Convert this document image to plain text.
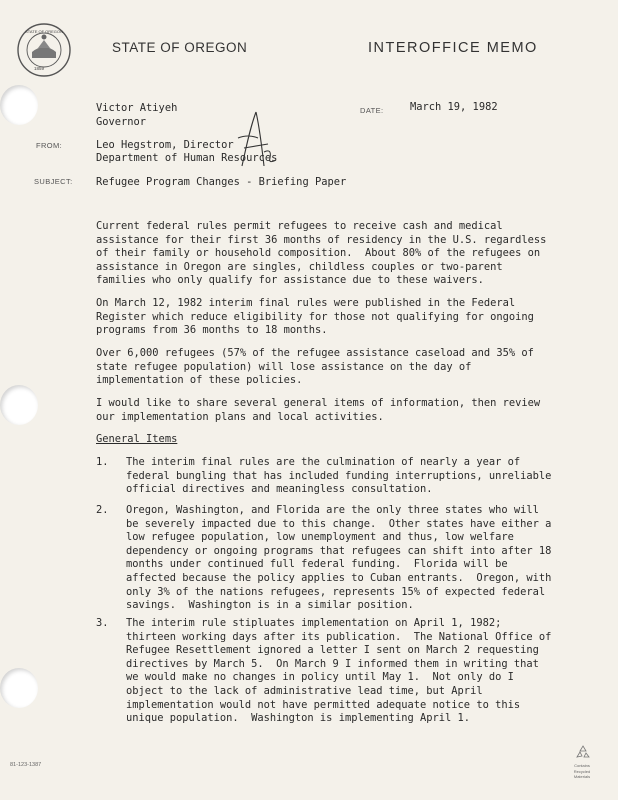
STATE OF OREGON
1859
STATE OF OREGON	INTEROFFICE MEMO
Victor Atiyeh
Governor
DATE:	March 19, 1982
FROM:	Leo Hegstrom, Director
Department of Human Resources
SUBJECT: Refugee Program Changes - Briefing Paper
Current federal rules permit refugees to receive cash and medical
assistance for their first 36 months of residency in the U.S. regardless
of their family or household composition.  About 80% of the refugees on
assistance in Oregon are singles, childless couples or two-parent
families who only qualify for assistance due to these waivers.
On March 12, 1982 interim final rules were published in the Federal
Register which reduce eligibility for those not qualifying for ongoing
programs from 36 months to 18 months.
Over 6,000 refugees (57% of the refugee assistance caseload and 35% of
state refugee population) will lose assistance on the day of
implementation of these policies.
I would like to share several general items of information, then review
our implementation plans and local activities.
General Items
1.	The interim final rules are the culmination of nearly a year of
federal bungling that has included funding interruptions, unreliable
official directives and meaningless consultation.
2.	Oregon, Washington, and Florida are the only three states who will
be severely impacted due to this change.  Other states have either a
low refugee population, low unemployment and thus, low welfare
dependency or ongoing programs that refugees can shift into after 18
months under continued full federal funding.  Florida will be
affected because the policy applies to Cuban entrants.  Oregon, with
only 3% of the nations refugees, represents 15% of expected federal
savings.  Washington is in a similar position.
3.	The interim rule stipluates implementation on April 1, 1982;
thirteen working days after its publication.  The National Office of
Refugee Resettlement ignored a letter I sent on March 2 requesting
directives by March 5.  On March 9 I informed them in writing that
we would make no changes in policy until May 1.  Not only do I
object to the lack of administrative lead time, but April
implementation would not have permitted adequate notice to this
unique population.  Washington is implementing April 1.
81-123-1387	Contains
Recycled
Materials
